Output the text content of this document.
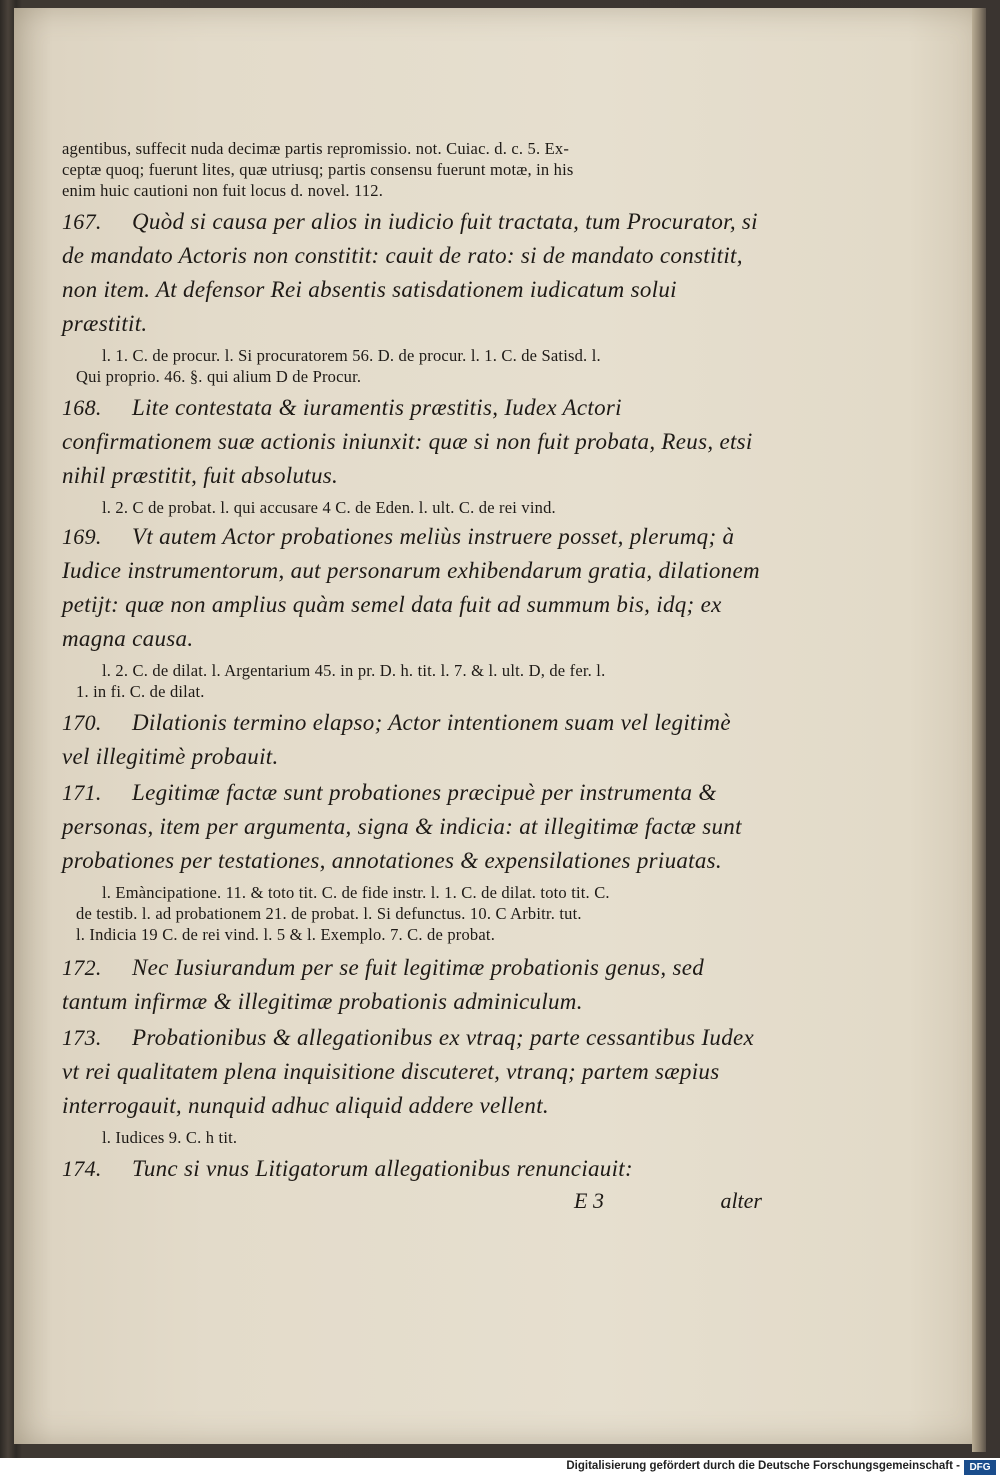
agentibus, suffecit nuda decimæ partis repromissio. not. Cuiac. d. c. 5. Ex-

ceptæ quoq; fuerunt lites, quæ utriusq; partis consensu fuerunt motæ, in his

enim huic cautioni non fuit locus d. novel. 112.

167. Quòd si causa per alios in iudicio fuit tractata, tum Procurator, si de mandato Actoris non constitit: cauit de rato: si de mandato constitit, non item. At defensor Rei absentis satisdationem iudicatum solui præstitit.

l. 1. C. de procur. l. Si procuratorem 56. D. de procur. l. 1. C. de Satisd. l.

Qui proprio. 46. §. qui alium D de Procur.

168. Lite contestata & iuramentis præstitis, Iudex Actori confirmationem suæ actionis iniunxit: quæ si non fuit probata, Reus, etsi nihil præstitit, fuit absolutus.

l. 2. C de probat. l. qui accusare 4 C. de Eden. l. ult. C. de rei vind.

169. Vt autem Actor probationes meliùs instruere posset, plerumq; à Iudice instrumentorum, aut personarum exhibendarum gratia, dilationem petijt: quæ non amplius quàm semel data fuit ad summum bis, idq; ex magna causa.

l. 2. C. de dilat. l. Argentarium 45. in pr. D. h. tit. l. 7. & l. ult. D, de fer. l.

1. in fi. C. de dilat.

170. Dilationis termino elapso; Actor intentionem suam vel legitimè vel illegitimè probauit.

171. Legitimæ factæ sunt probationes præcipuè per instrumenta & personas, item per argumenta, signa & indicia: at illegitimæ factæ sunt probationes per testationes, annotationes & expensilationes priuatas.

l. Emàncipatione. 11. & toto tit. C. de fide instr. l. 1. C. de dilat. toto tit. C.

de testib. l. ad probationem 21. de probat. l. Si defunctus. 10. C Arbitr. tut.

l. Indicia 19 C. de rei vind. l. 5 & l. Exemplo. 7. C. de probat.

172. Nec Iusiurandum per se fuit legitimæ probationis genus, sed tantum infirmæ & illegitimæ probationis adminiculum.

173. Probationibus & allegationibus ex vtraq; parte cessantibus Iudex vt rei qualitatem plena inquisitione discuteret, vtranq; partem sæpius interrogauit, nunquid adhuc aliquid addere vellent.

l. Iudices 9. C. h tit.

174. Tunc si vnus Litigatorum allegationibus renunciauit:

E 3	alter
Digitalisierung gefördert durch die Deutsche Forschungsgemeinschaft - DFG
